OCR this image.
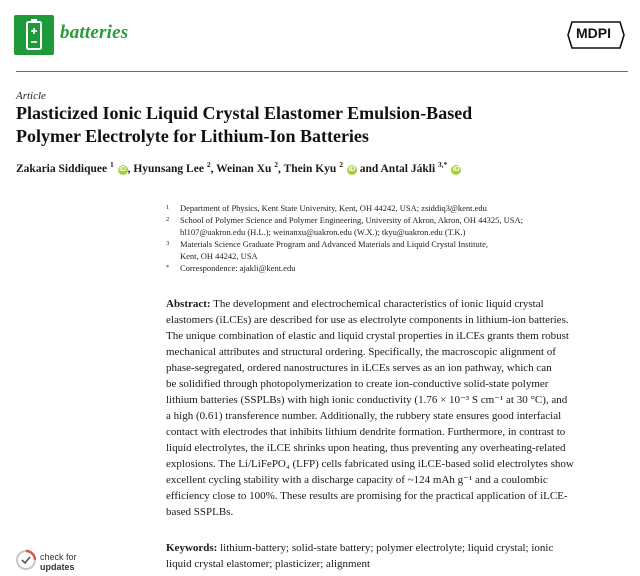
batteries	MDPI
Article
Plasticized Ionic Liquid Crystal Elastomer Emulsion-Based
Polymer Electrolyte for Lithium-Ion Batteries
Zakaria Siddiquee $^1$ iD , Hyunsang Lee $^2$, Weinan Xu $^2$, Thein Kyu $^2$ iD and Antal Jákli $^{3,*}$ iD
1 Department of Physics, Kent State University, Kent, OH 44242, USA; zsiddiq3@kent.edu
2 School of Polymer Science and Polymer Engineering, University of Akron, Akron, OH 44325, USA;
hl107@uakron.edu (H.L.); weinanxu@uakron.edu (W.X.); tkyu@uakron.edu (T.K.)
3 Materials Science Graduate Program and Advanced Materials and Liquid Crystal Institute,
Kent, OH 44242, USA
* Correspondence: ajakli@kent.edu
Abstract: The development and electrochemical characteristics of ionic liquid crystal
elastomers (iLCEs) are described for use as electrolyte components in lithium-ion batteries.
The unique combination of elastic and liquid crystal properties in iLCEs grants them robust
mechanical attributes and structural ordering. Specifically, the macroscopic alignment of
phase-segregated, ordered nanostructures in iLCEs serves as an ion pathway, which can
be solidified through photopolymerization to create ion-conductive solid-state polymer
lithium batteries (SSPLBs) with high ionic conductivity (1.76 × 10⁻³ S cm⁻¹ at 30 °C), and
a high (0.61) transference number. Additionally, the rubbery state ensures good interfacial
contact with electrodes that inhibits lithium dendrite formation. Furthermore, in contrast to
liquid electrolytes, the iLCE shrinks upon heating, thus preventing any overheating-related
explosions. The Li/LiFePO₄ (LFP) cells fabricated using iLCE-based solid electrolytes show
excellent cycling stability with a discharge capacity of ~124 mAh g⁻¹ and a coulombic
efficiency close to 100%. These results are promising for the practical application of iLCE-
based SSPLBs.
Keywords: lithium-battery; solid-state battery; polymer electrolyte; liquid crystal; ionic
liquid crystal elastomer; plasticizer; alignment
check for
updates
